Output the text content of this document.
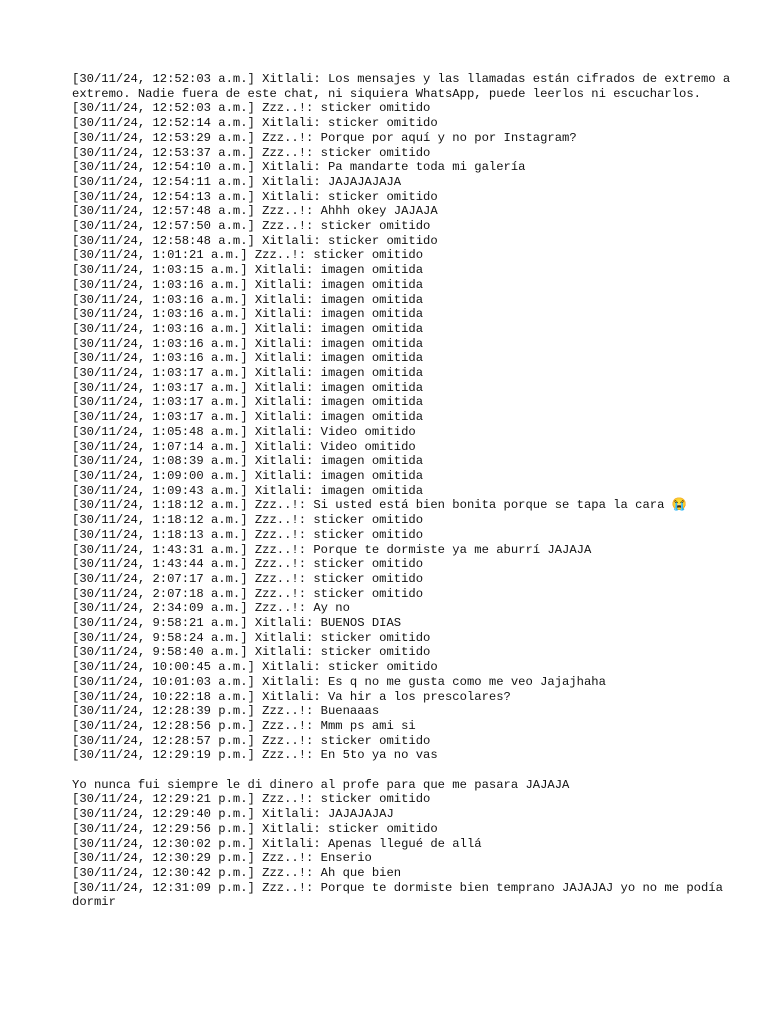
[30/11/24, 12:52:03 a.m.] Xitlali: Los mensajes y las llamadas están cifrados de extremo a extremo. Nadie fuera de este chat, ni siquiera WhatsApp, puede leerlos ni escucharlos.
[30/11/24, 12:52:03 a.m.] Zzz..!: sticker omitido
[30/11/24, 12:52:14 a.m.] Xitlali: sticker omitido
[30/11/24, 12:53:29 a.m.] Zzz..!: Porque por aquí y no por Instagram?
[30/11/24, 12:53:37 a.m.] Zzz..!: sticker omitido
[30/11/24, 12:54:10 a.m.] Xitlali: Pa mandarte toda mi galería
[30/11/24, 12:54:11 a.m.] Xitlali: JAJAJAJAJA
[30/11/24, 12:54:13 a.m.] Xitlali: sticker omitido
[30/11/24, 12:57:48 a.m.] Zzz..!: Ahhh okey JAJAJA
[30/11/24, 12:57:50 a.m.] Zzz..!: sticker omitido
[30/11/24, 12:58:48 a.m.] Xitlali: sticker omitido
[30/11/24, 1:01:21 a.m.] Zzz..!: sticker omitido
[30/11/24, 1:03:15 a.m.] Xitlali: imagen omitida
[30/11/24, 1:03:16 a.m.] Xitlali: imagen omitida
[30/11/24, 1:03:16 a.m.] Xitlali: imagen omitida
[30/11/24, 1:03:16 a.m.] Xitlali: imagen omitida
[30/11/24, 1:03:16 a.m.] Xitlali: imagen omitida
[30/11/24, 1:03:16 a.m.] Xitlali: imagen omitida
[30/11/24, 1:03:16 a.m.] Xitlali: imagen omitida
[30/11/24, 1:03:17 a.m.] Xitlali: imagen omitida
[30/11/24, 1:03:17 a.m.] Xitlali: imagen omitida
[30/11/24, 1:03:17 a.m.] Xitlali: imagen omitida
[30/11/24, 1:03:17 a.m.] Xitlali: imagen omitida
[30/11/24, 1:05:48 a.m.] Xitlali: Video omitido
[30/11/24, 1:07:14 a.m.] Xitlali: Video omitido
[30/11/24, 1:08:39 a.m.] Xitlali: imagen omitida
[30/11/24, 1:09:00 a.m.] Xitlali: imagen omitida
[30/11/24, 1:09:43 a.m.] Xitlali: imagen omitida
[30/11/24, 1:18:12 a.m.] Zzz..!: Si usted está bien bonita porque se tapa la cara 😭
[30/11/24, 1:18:12 a.m.] Zzz..!: sticker omitido
[30/11/24, 1:18:13 a.m.] Zzz..!: sticker omitido
[30/11/24, 1:43:31 a.m.] Zzz..!: Porque te dormiste ya me aburrí JAJAJA
[30/11/24, 1:43:44 a.m.] Zzz..!: sticker omitido
[30/11/24, 2:07:17 a.m.] Zzz..!: sticker omitido
[30/11/24, 2:07:18 a.m.] Zzz..!: sticker omitido
[30/11/24, 2:34:09 a.m.] Zzz..!: Ay no
[30/11/24, 9:58:21 a.m.] Xitlali: BUENOS DIAS
[30/11/24, 9:58:24 a.m.] Xitlali: sticker omitido
[30/11/24, 9:58:40 a.m.] Xitlali: sticker omitido
[30/11/24, 10:00:45 a.m.] Xitlali: sticker omitido
[30/11/24, 10:01:03 a.m.] Xitlali: Es q no me gusta como me veo Jajajhaha
[30/11/24, 10:22:18 a.m.] Xitlali: Va hir a los prescolares?
[30/11/24, 12:28:39 p.m.] Zzz..!: Buenaaas
[30/11/24, 12:28:56 p.m.] Zzz..!: Mmm ps ami si
[30/11/24, 12:28:57 p.m.] Zzz..!: sticker omitido
[30/11/24, 12:29:19 p.m.] Zzz..!: En 5to ya no vas
Yo nunca fui siempre le di dinero al profe para que me pasara JAJAJA
[30/11/24, 12:29:21 p.m.] Zzz..!: sticker omitido
[30/11/24, 12:29:40 p.m.] Xitlali: JAJAJAJAJ
[30/11/24, 12:29:56 p.m.] Xitlali: sticker omitido
[30/11/24, 12:30:02 p.m.] Xitlali: Apenas llegué de allá
[30/11/24, 12:30:29 p.m.] Zzz..!: Enserio
[30/11/24, 12:30:42 p.m.] Zzz..!: Ah que bien
[30/11/24, 12:31:09 p.m.] Zzz..!: Porque te dormiste bien temprano JAJAJAJ yo no me podía dormir
